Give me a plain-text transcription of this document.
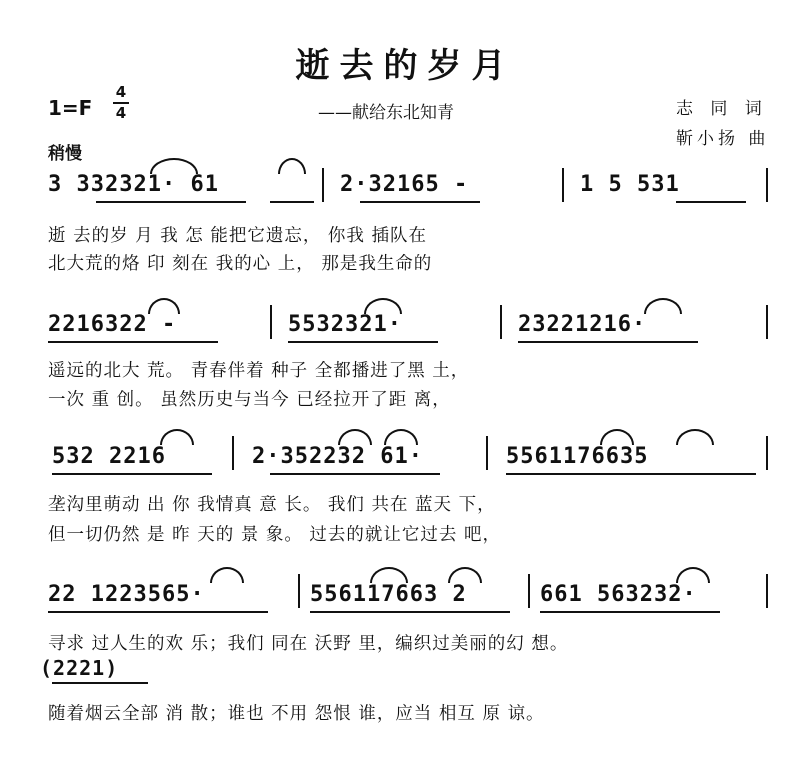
逝去的岁月
1=F
4
4	——献给东北知青	志 同 词
靳小扬 曲
稍慢
3 332321· 61	2·32165 -	1 5 531
逝 去的岁 月 我 怎 能把它遗忘， 你我 插队在
北大荒的烙 印 刻在 我的心 上， 那是我生命的
2216322 -	5532321·	23221216·
遥远的北大 荒。 青春伴着 种子 全都播进了黑 土，
一次 重 创。 虽然历史与当今 已经拉开了距 离，
532 2216	2·352232 61·	5561176635
垄沟里萌动 出 你 我情真 意 长。 我们 共在 蓝天 下，
但一切仍然 是 昨 天的 景 象。 过去的就让它过去 吧，
22 1223565·	556117663 2	661 563232·
寻求 过人生的欢 乐；我们 同在 沃野 里，编织过美丽的幻 想。
(2221)
随着烟云全部 消 散；谁也 不用 怨恨 谁，应当 相互 原 谅。
